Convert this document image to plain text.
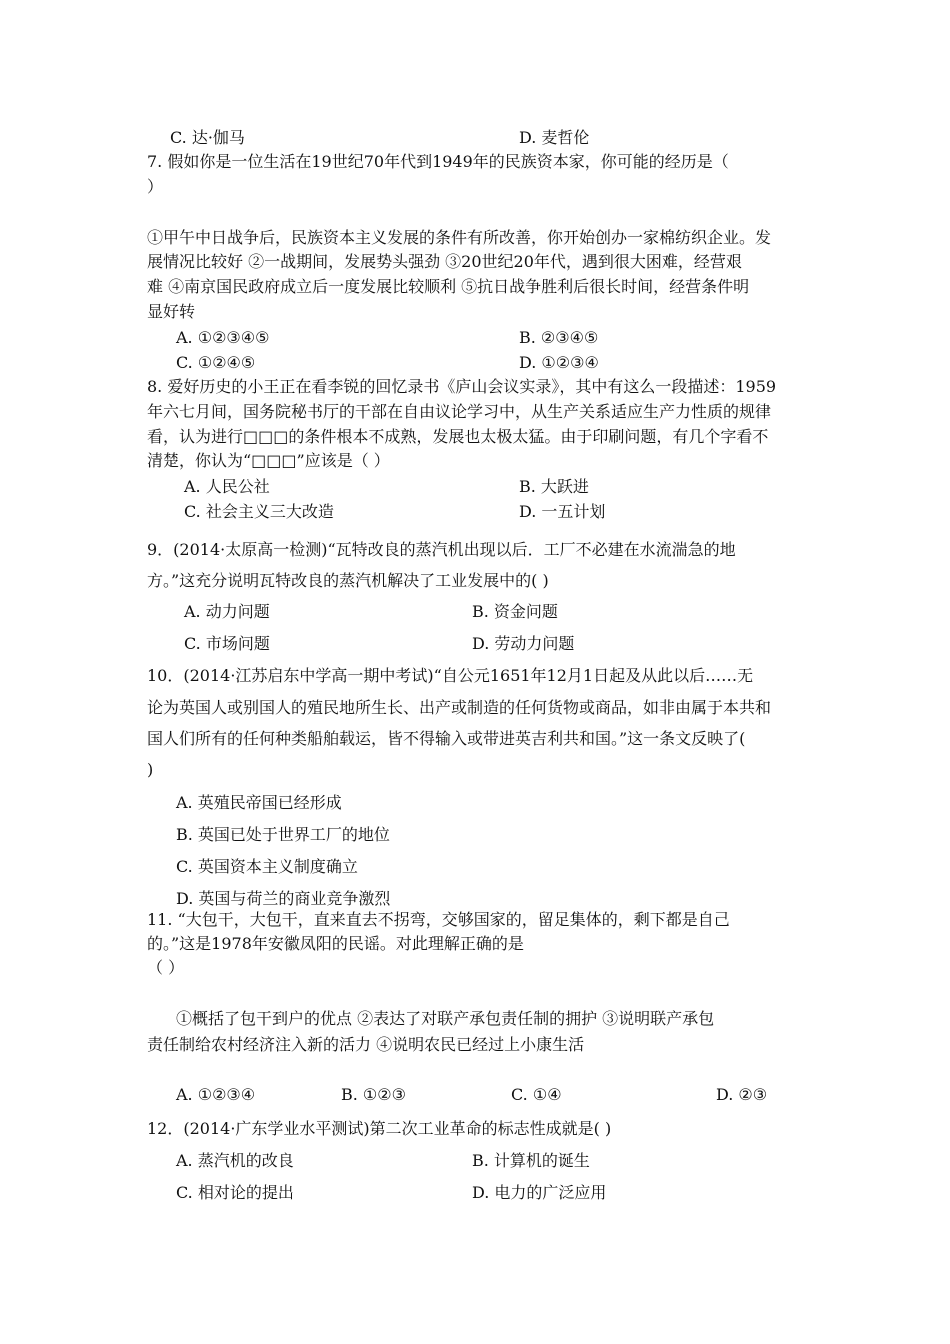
C. 达·伽马	D. 麦哲伦
7. 假如你是一位生活在19世纪70年代到1949年的民族资本家，你可能的经历是（
）
①甲午中日战争后，民族资本主义发展的条件有所改善，你开始创办一家棉纺织企业。发
展情况比较好 ②一战期间，发展势头强劲 ③20世纪20年代，遇到很大困难，经营艰
难 ④南京国民政府成立后一度发展比较顺利 ⑤抗日战争胜利后很长时间，经营条件明
显好转
A. ①②③④⑤	B. ②③④⑤
C. ①②④⑤	D. ①②③④
8. 爱好历史的小王正在看李锐的回忆录书《庐山会议实录》，其中有这么一段描述：1959
年六七月间，国务院秘书厅的干部在自由议论学习中，从生产关系适应生产力性质的规律
看，认为进行□□□的条件根本不成熟，发展也太极太猛。由于印刷问题，有几个字看不
清楚，你认为“□□□”应该是（ ）
A. 人民公社	B. 大跃进
C. 社会主义三大改造	D. 一五计划
9．(2014·太原高一检测)“瓦特改良的蒸汽机出现以后．工厂不必建在水流湍急的地
方。”这充分说明瓦特改良的蒸汽机解决了工业发展中的( )
A. 动力问题	B. 资金问题
C. 市场问题	D. 劳动力问题
10．(2014·江苏启东中学高一期中考试)“自公元1651年12月1日起及从此以后……无
论为英国人或别国人的殖民地所生长、出产或制造的任何货物或商品，如非由属于本共和
国人们所有的任何种类船舶载运，皆不得输入或带进英吉利共和国。”这一条文反映了(
)
A. 英殖民帝国已经形成
B. 英国已处于世界工厂的地位
C. 英国资本主义制度确立
D. 英国与荷兰的商业竞争激烈
11. “大包干，大包干，直来直去不拐弯，交够国家的，留足集体的，剩下都是自己
的。”这是1978年安徽凤阳的民谣。对此理解正确的是
（ ）
①概括了包干到户的优点 ②表达了对联产承包责任制的拥护 ③说明联产承包
责任制给农村经济注入新的活力 ④说明农民已经过上小康生活
A. ①②③④	B. ①②③	C. ①④	D. ②③
12．(2014·广东学业水平测试)第二次工业革命的标志性成就是( )
A. 蒸汽机的改良	B. 计算机的诞生
C. 相对论的提出	D. 电力的广泛应用
